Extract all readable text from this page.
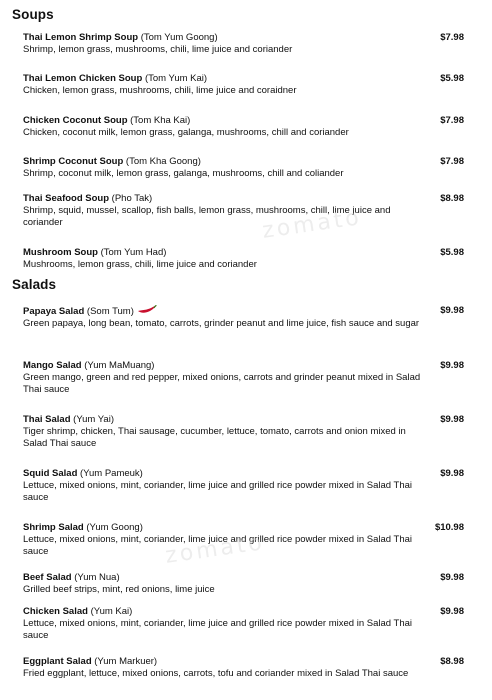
Soups
Thai Lemon Shrimp Soup (Tom Yum Goong)
Shrimp, lemon grass, mushrooms, chili, lime juice and coriander
$7.98
Thai Lemon Chicken Soup (Tom Yum Kai)
Chicken, lemon grass, mushrooms, chili, lime juice and coraidner
$5.98
Chicken Coconut Soup (Tom Kha Kai)
Chicken, coconut milk, lemon grass, galanga, mushrooms, chill and coriander
$7.98
Shrimp Coconut Soup (Tom Kha Goong)
Shrimp, coconut milk, lemon grass, galanga, mushrooms, chill and coliander
$7.98
Thai Seafood Soup (Pho Tak)
Shrimp, squid, mussel, scallop, fish balls, lemon grass, mushrooms, chill, lime juice and coriander
$8.98
Mushroom Soup (Tom Yum Had)
Mushrooms, lemon grass, chili, lime juice and coriander
$5.98
Salads
Papaya Salad (Som Tum)
Green papaya, long bean, tomato, carrots, grinder peanut and lime juice, fish sauce and sugar
$9.98
Mango Salad (Yum MaMuang)
Green mango, green and red pepper, mixed onions, carrots and grinder peanut mixed in Salad Thai sauce
$9.98
Thai Salad (Yum Yai)
Tiger shrimp, chicken, Thai sausage, cucumber, lettuce, tomato, carrots and onion mixed in Salad Thai sauce
$9.98
Squid Salad (Yum Pameuk)
Lettuce, mixed onions, mint, coriander, lime juice and grilled rice powder mixed in Salad Thai sauce
$9.98
Shrimp Salad (Yum Goong)
Lettuce, mixed onions, mint, coriander, lime juice and grilled rice powder mixed in Salad Thai sauce
$10.98
Beef Salad (Yum Nua)
Grilled beef strips, mint, red onions, lime juice
$9.98
Chicken Salad (Yum Kai)
Lettuce, mixed onions, mint, coriander, lime juice and grilled rice powder mixed in Salad Thai sauce
$9.98
Eggplant Salad (Yum Markuer)
Fried eggplant, lettuce, mixed onions, carrots, tofu and coriander mixed in Salad Thai sauce
$8.98
zomato
zomato
